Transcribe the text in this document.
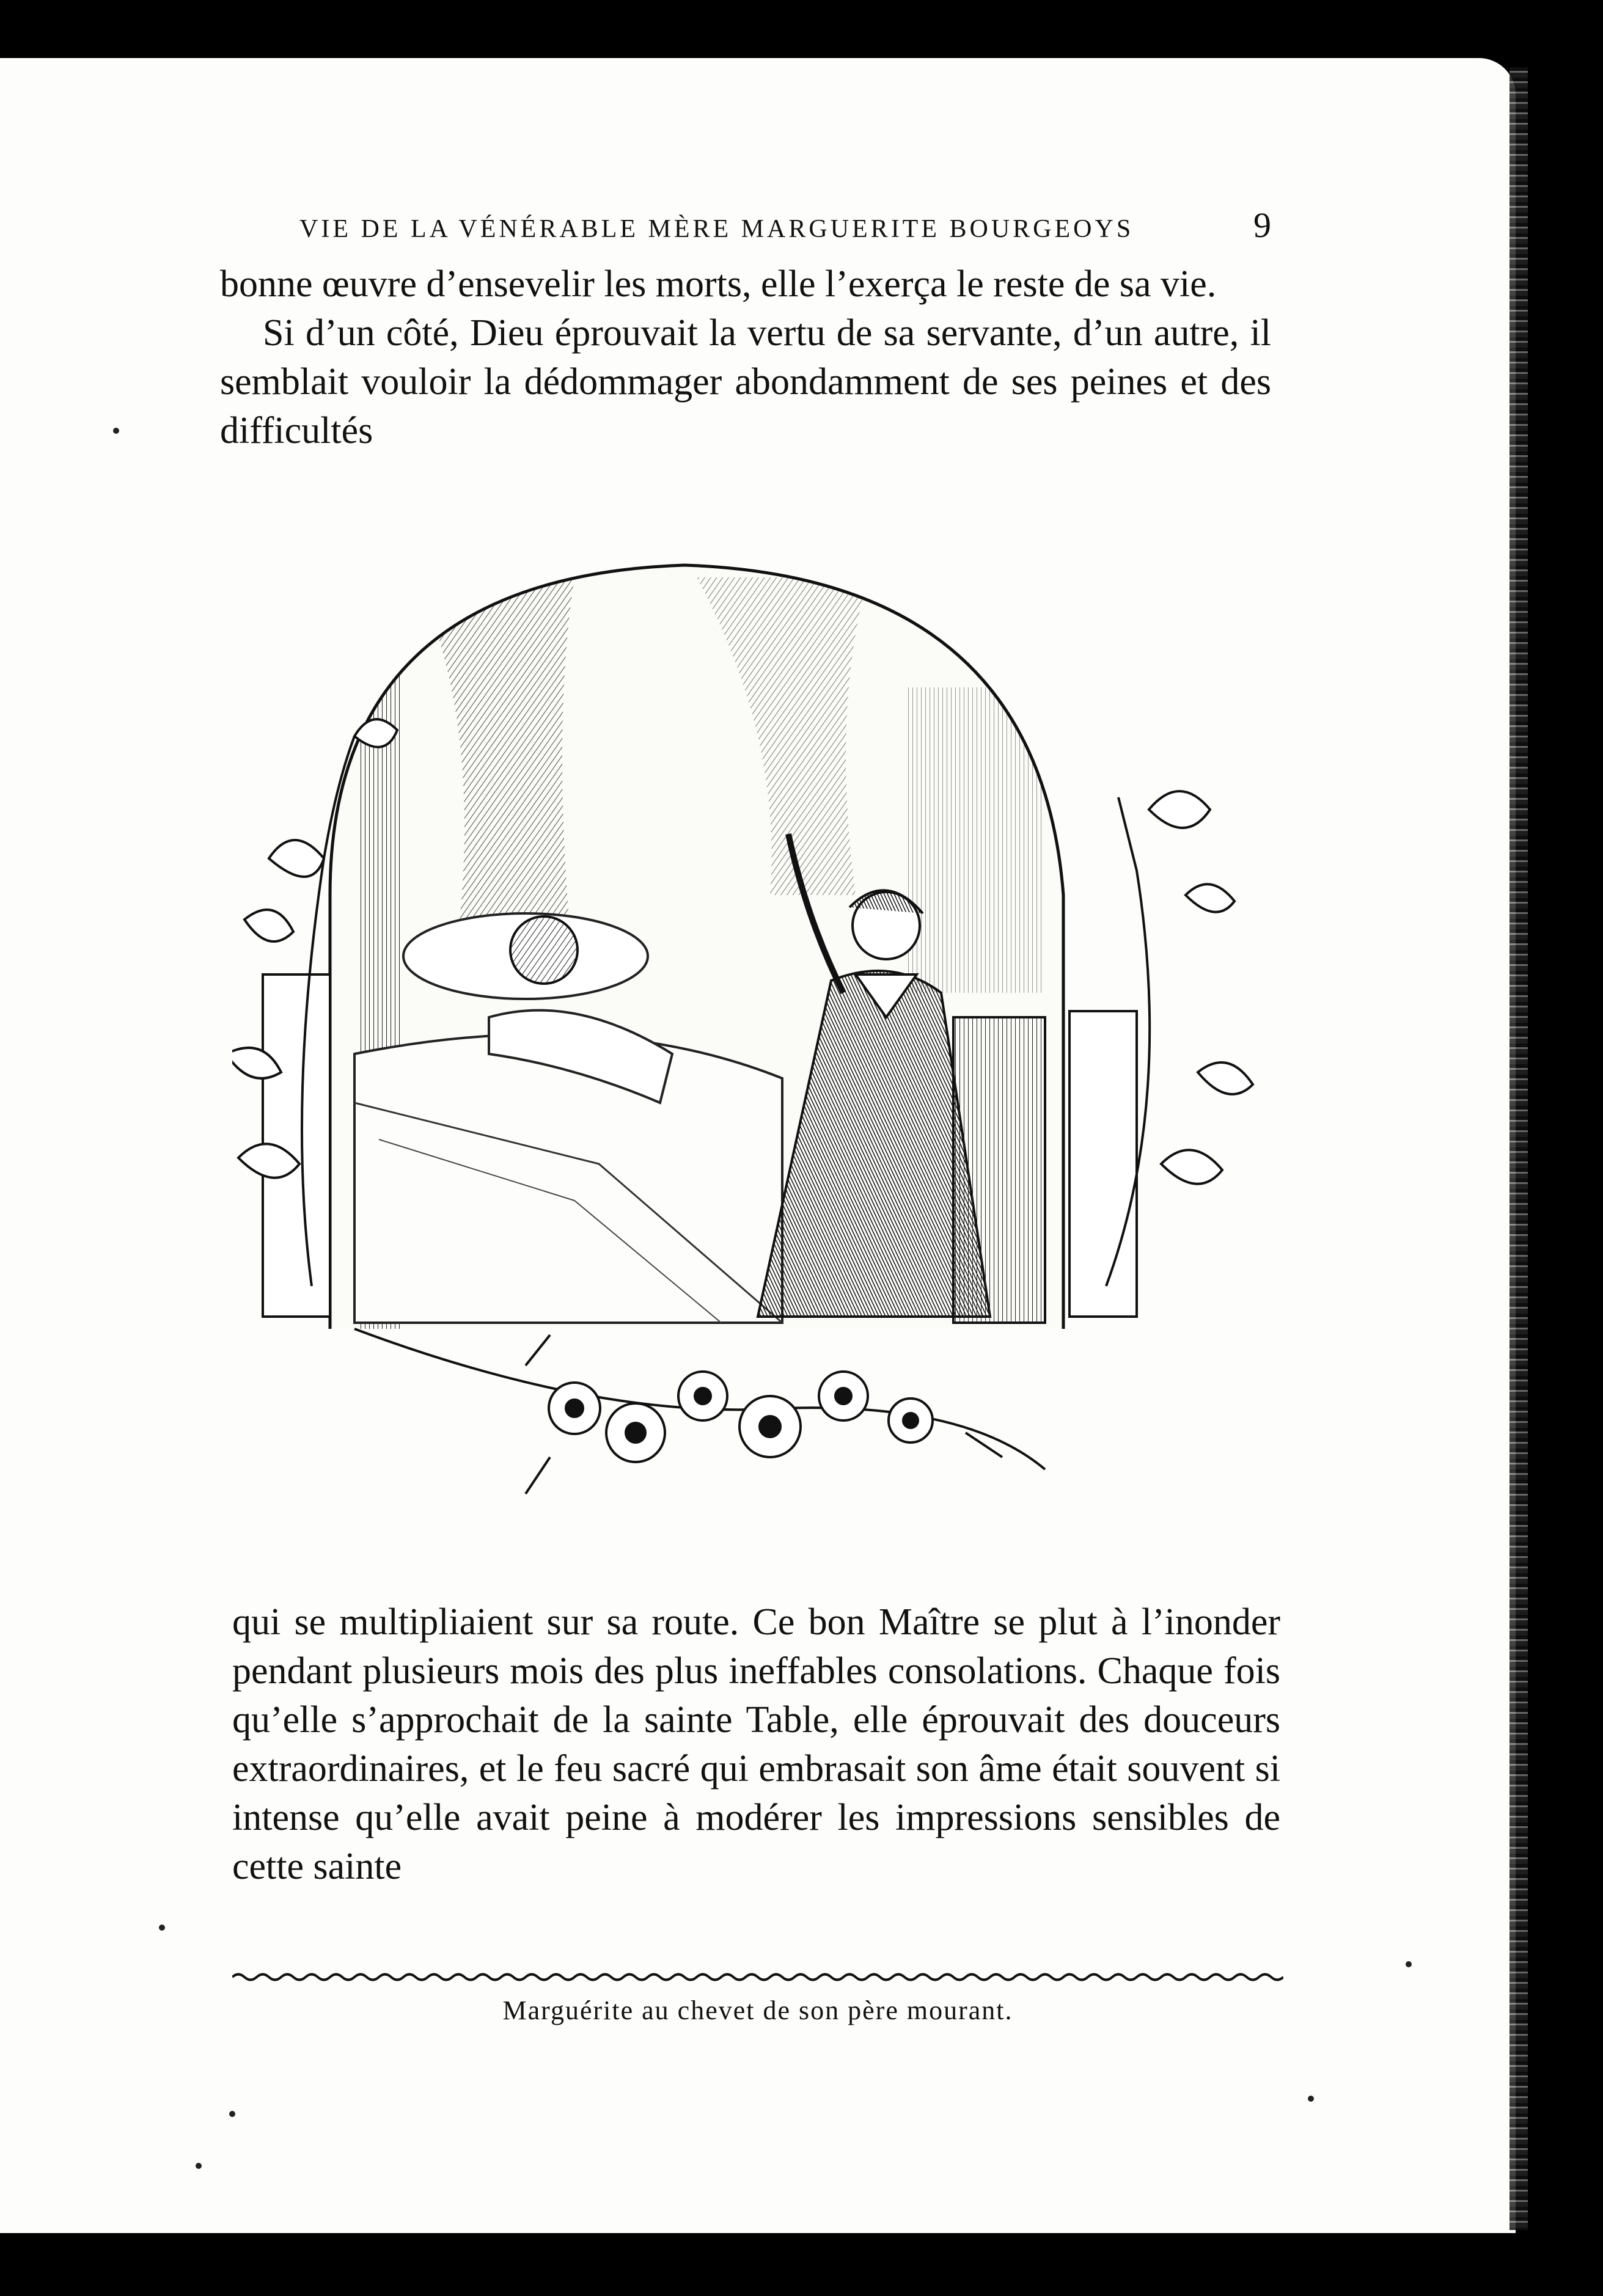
VIE DE LA VÉNÉRABLE MÈRE MARGUERITE BOURGEOYS	9

bonne œuvre d’ensevelir les morts, elle l’exerça le reste de sa vie.

Si d’un côté, Dieu éprouvait la vertu de sa servante, d’un autre, il semblait vouloir la dédommager abondamment de ses peines et des difficultés

qui se multipliaient sur sa route. Ce bon Maître se plut à l’inonder pendant plusieurs mois des plus ineffables consolations. Chaque fois qu’elle s’approchait de la sainte Table, elle éprouvait des douceurs extraordinaires, et le feu sacré qui embrasait son âme était souvent si intense qu’elle avait peine à modérer les impressions sensibles de cette sainte

Marguérite au chevet de son père mourant.
